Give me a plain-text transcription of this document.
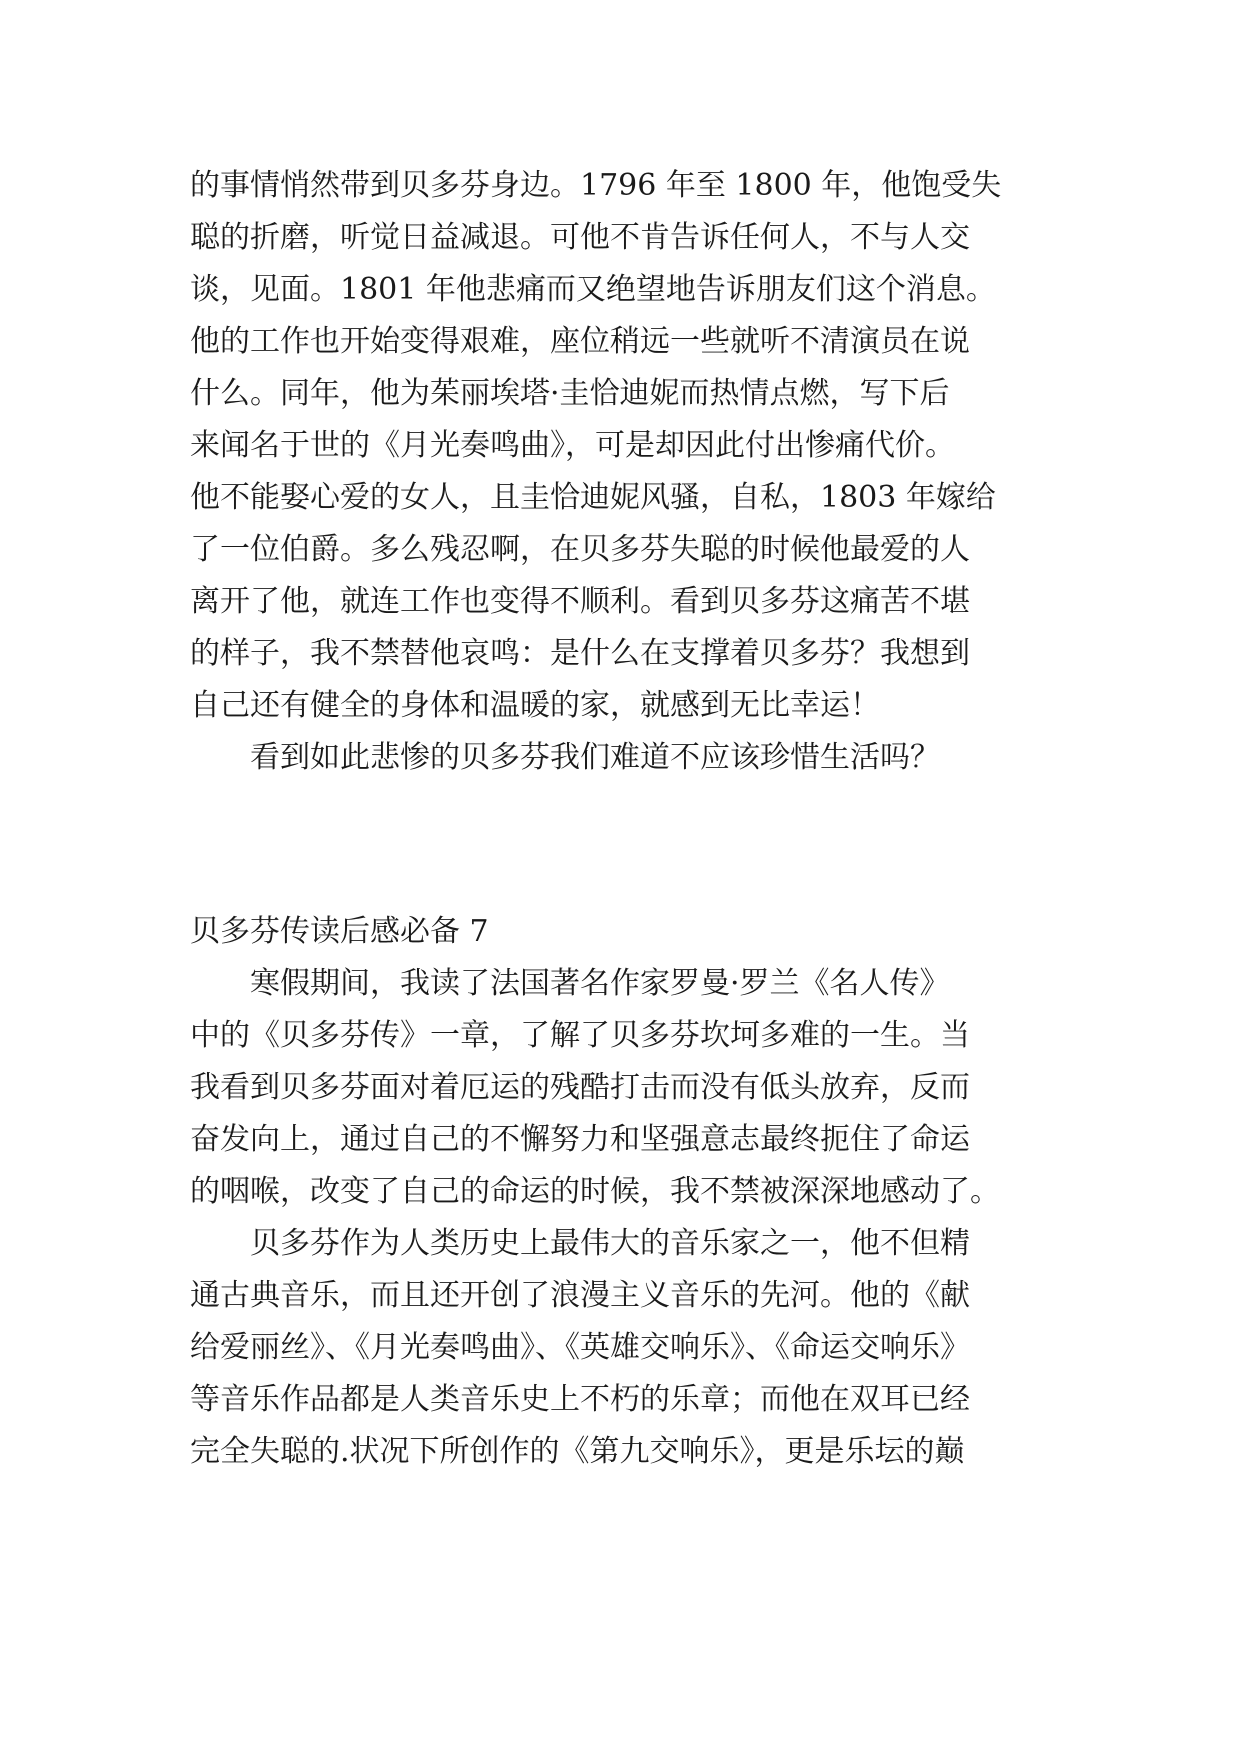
的事情悄然带到贝多芬身边。1796 年至 1800 年，他饱受失
聪的折磨，听觉日益减退。可他不肯告诉任何人，不与人交
谈，见面。1801 年他悲痛而又绝望地告诉朋友们这个消息。
他的工作也开始变得艰难，座位稍远一些就听不清演员在说
什么。同年，他为茱丽埃塔·圭恰迪妮而热情点燃，写下后
来闻名于世的《月光奏鸣曲》，可是却因此付出惨痛代价。
他不能娶心爱的女人，且圭恰迪妮风骚，自私，1803 年嫁给
了一位伯爵。多么残忍啊，在贝多芬失聪的时候他最爱的人
离开了他，就连工作也变得不顺利。看到贝多芬这痛苦不堪
的样子，我不禁替他哀鸣：是什么在支撑着贝多芬？我想到
自己还有健全的身体和温暖的家，就感到无比幸运！
　　看到如此悲惨的贝多芬我们难道不应该珍惜生活吗？
贝多芬传读后感必备 7
　　寒假期间，我读了法国著名作家罗曼·罗兰《名人传》
中的《贝多芬传》一章，了解了贝多芬坎坷多难的一生。当
我看到贝多芬面对着厄运的残酷打击而没有低头放弃，反而
奋发向上，通过自己的不懈努力和坚强意志最终扼住了命运
的咽喉，改变了自己的命运的时候，我不禁被深深地感动了。
　　贝多芬作为人类历史上最伟大的音乐家之一，他不但精
通古典音乐，而且还开创了浪漫主义音乐的先河。他的《献
给爱丽丝》、《月光奏鸣曲》、《英雄交响乐》、《命运交响乐》
等音乐作品都是人类音乐史上不朽的乐章；而他在双耳已经
完全失聪的.状况下所创作的《第九交响乐》，更是乐坛的巅
